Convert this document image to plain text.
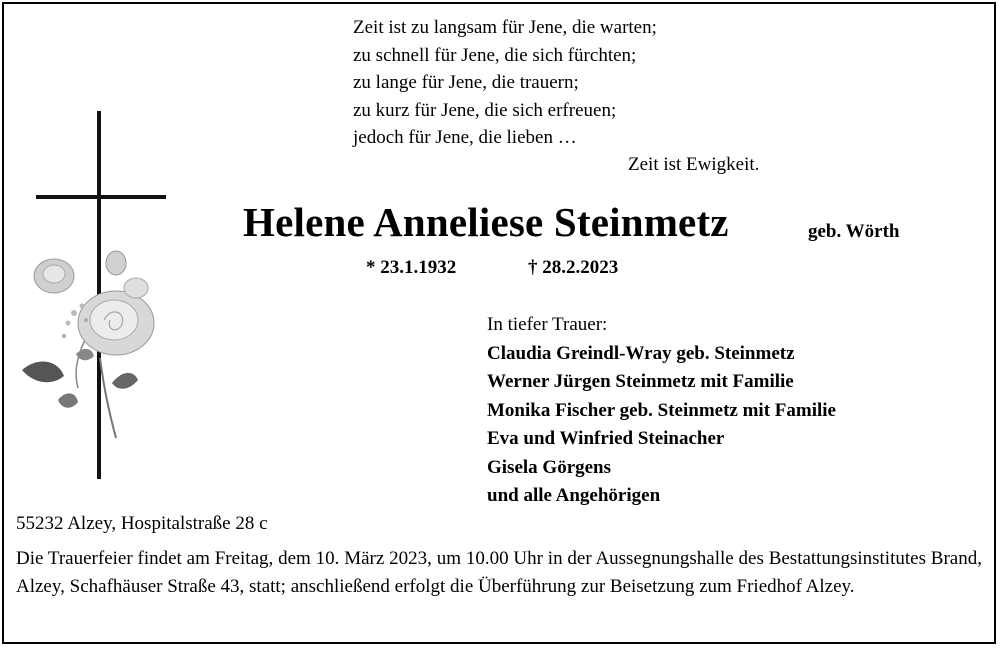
Zeit ist zu langsam für Jene, die warten;
zu schnell für Jene, die sich fürchten;
zu lange für Jene, die trauern;
zu kurz für Jene, die sich erfreuen;
jedoch für Jene, die lieben …
Zeit ist Ewigkeit.
Helene Anneliese Steinmetz	geb. Wörth
* 23.1.1932	† 28.2.2023
In tiefer Trauer:
Claudia Greindl-Wray geb. Steinmetz
Werner Jürgen Steinmetz mit Familie
Monika Fischer geb. Steinmetz mit Familie
Eva und Winfried Steinacher
Gisela Görgens
und alle Angehörigen
55232 Alzey, Hospitalstraße 28 c
Die Trauerfeier findet am Freitag, dem 10. März 2023, um 10.00 Uhr in der Aussegnungshalle des Bestattungsinstitutes Brand, Alzey, Schafhäuser Straße 43, statt; anschließend erfolgt die Überführung zur Beisetzung zum Friedhof Alzey.
